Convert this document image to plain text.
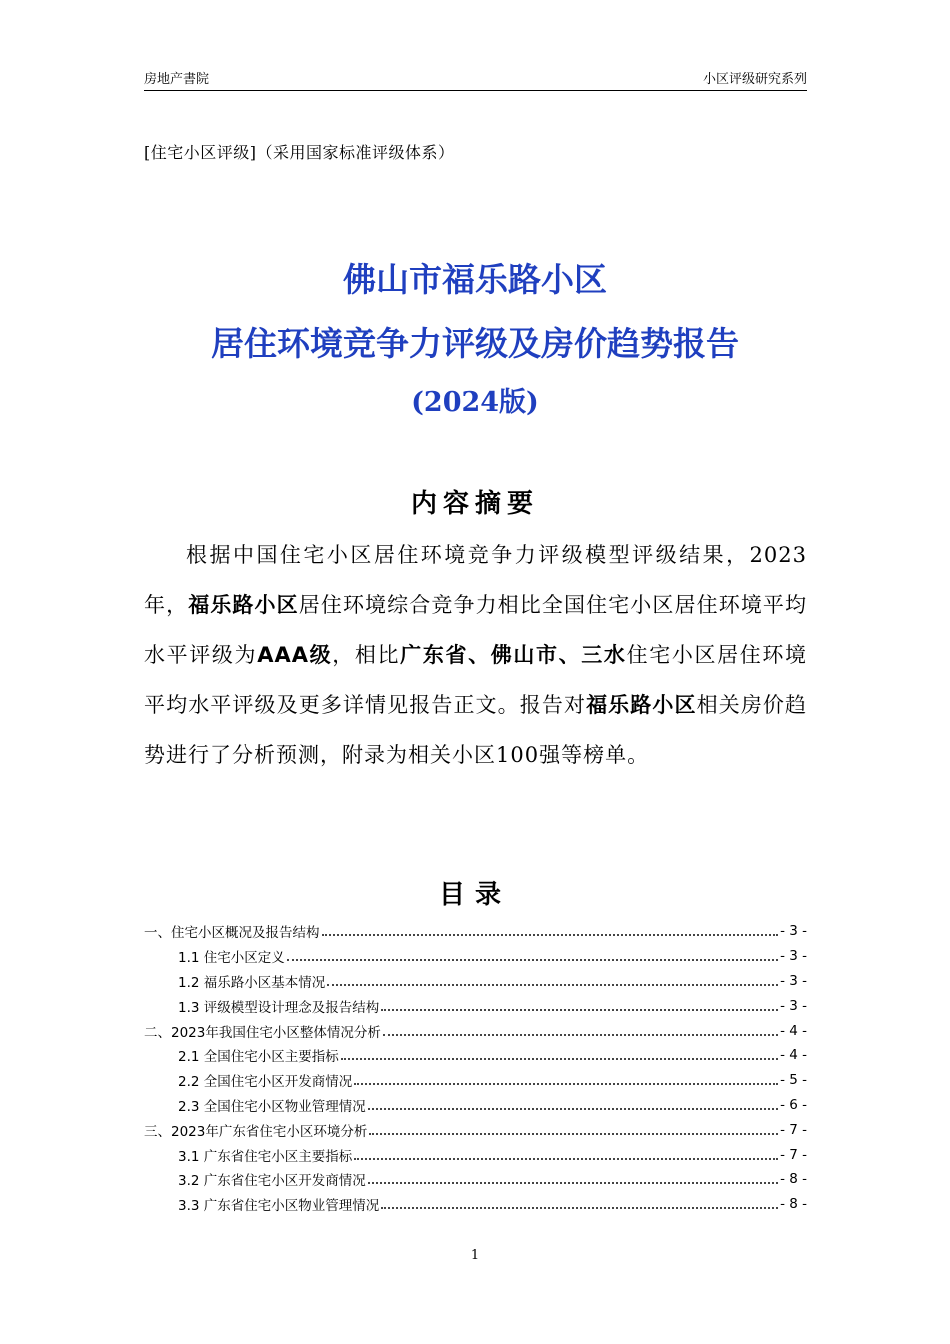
房地产書院	小区评级研究系列
[住宅小区评级]（采用国家标准评级体系）
佛山市福乐路小区
居住环境竞争力评级及房价趋势报告
(2024版)
内容摘要
根据中国住宅小区居住环境竞争力评级模型评级结果，2023年，福乐路小区居住环境综合竞争力相比全国住宅小区居住环境平均水平评级为AAA级，相比广东省、佛山市、三水住宅小区居住环境平均水平评级及更多详情见报告正文。报告对福乐路小区相关房价趋势进行了分析预测，附录为相关小区100强等榜单。
目录
一、住宅小区概况及报告结构	- 3 -
1.1 住宅小区定义	- 3 -
1.2 福乐路小区基本情况	- 3 -
1.3 评级模型设计理念及报告结构	- 3 -
二、2023年我国住宅小区整体情况分析	- 4 -
2.1 全国住宅小区主要指标	- 4 -
2.2 全国住宅小区开发商情况	- 5 -
2.3 全国住宅小区物业管理情况	- 6 -
三、2023年广东省住宅小区环境分析	- 7 -
3.1 广东省住宅小区主要指标	- 7 -
3.2 广东省住宅小区开发商情况	- 8 -
3.3 广东省住宅小区物业管理情况	- 8 -
1
